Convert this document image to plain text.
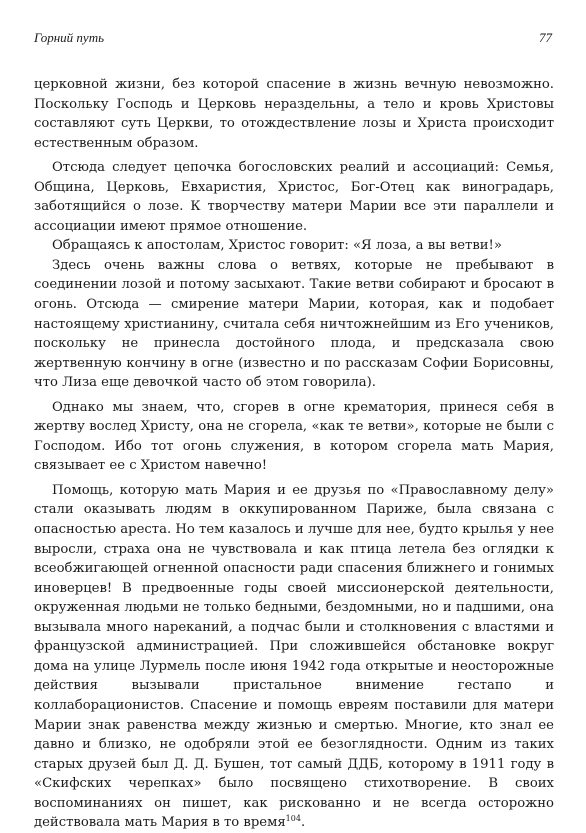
Горний путь	77

церковной жизни, без которой спасение в жизнь вечную невозможно. Поскольку Господь и Церковь нераздельны, а тело и кровь Христовы составляют суть Церкви, то отождествление лозы и Христа происходит естественным образом.

Отсюда следует цепочка богословских реалий и ассоциаций: Семья, Община, Церковь, Евхаристия, Христос, Бог-Отец как виноградарь, заботящийся о лозе. К творчеству матери Марии все эти параллели и ассоциации имеют прямое отношение.

Обращаясь к апостолам, Христос говорит: «Я лоза, а вы ветви!»

Здесь очень важны слова о ветвях, которые не пребывают в соединении лозой и потому засыхают. Такие ветви собирают и бросают в огонь. Отсюда — смирение матери Марии, которая, как и подобает настоящему христианину, считала себя ничтожнейшим из Его учеников, поскольку не принесла достойного плода, и предсказала свою жертвенную кончину в огне (известно и по рассказам Софии Борисовны, что Лиза еще девочкой часто об этом говорила).

Однако мы знаем, что, сгорев в огне крематория, принеся себя в жертву вослед Христу, она не сгорела, «как те ветви», которые не были с Господом. Ибо тот огонь служения, в котором сгорела мать Мария, связывает ее с Христом навечно!

Помощь, которую мать Мария и ее друзья по «Православному делу» стали оказывать людям в оккупированном Париже, была связана с опасностью ареста. Но тем казалось и лучше для нее, будто крылья у нее выросли, страха она не чувствовала и как птица летела без оглядки к всеобжигающей огненной опасности ради спасения ближнего и гонимых иноверцев! В предвоенные годы своей миссионерской деятельности, окруженная людьми не только бедными, бездомными, но и падшими, она вызывала много нареканий, а подчас были и столкновения с властями и французской администрацией. При сложившейся обстановке вокруг дома на улице Лурмель после июня 1942 года открытые и неосторожные действия вызывали пристальное внимение гестапо и коллаборационистов. Спасение и помощь евреям поставили для матери Марии знак равенства между жизнью и смертью. Многие, кто знал ее давно и близко, не одобряли этой ее безоглядности. Одним из таких старых друзей был Д. Д. Бушен, тот самый ДДБ, которому в 1911 году в «Скифских черепках» было посвящено стихотворение. В своих воспоминаниях он пишет, как рискованно и не всегда осторожно действовала мать Мария в то время$^{104}$.
